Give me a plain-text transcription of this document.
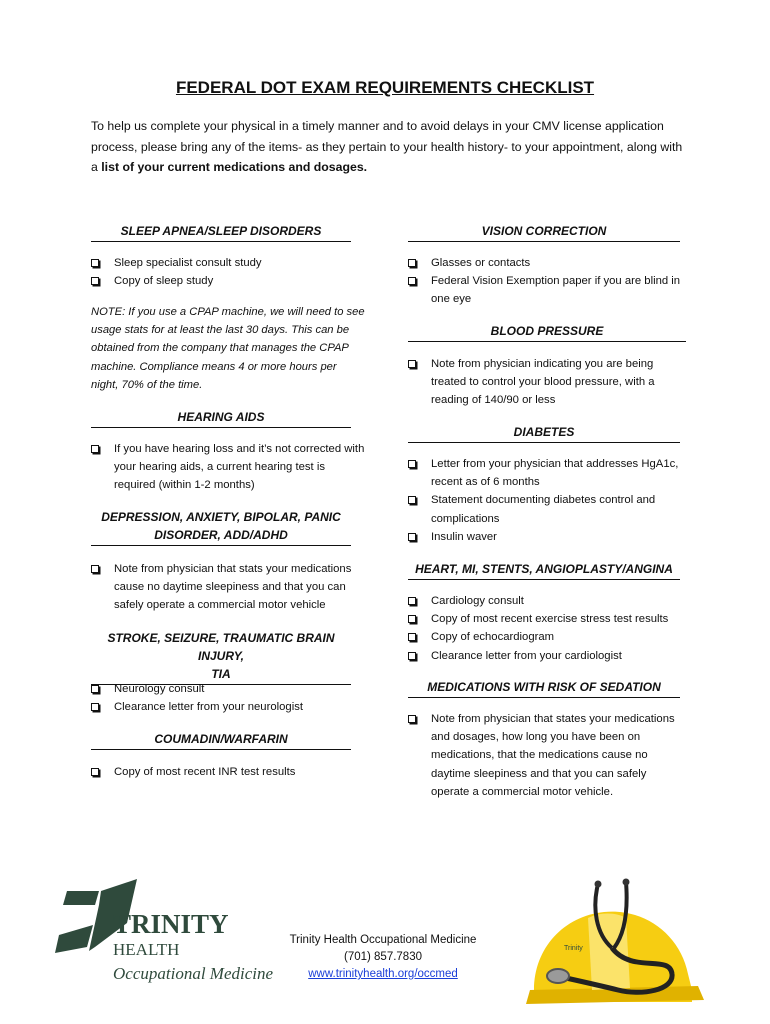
FEDERAL DOT EXAM REQUIREMENTS CHECKLIST
To help us complete your physical in a timely manner and to avoid delays in your CMV license application process, please bring any of the items- as they pertain to your health history- to your appointment, along with a list of your current medications and dosages.
SLEEP APNEA/SLEEP DISORDERS
Sleep specialist consult study
Copy of sleep study
NOTE: If you use a CPAP machine, we will need to see usage stats for at least the last 30 days. This can be obtained from the company that manages the CPAP machine. Compliance means 4 or more hours per night, 70% of the time.
HEARING AIDS
If you have hearing loss and it’s not corrected with your hearing aids, a current hearing test is required (within 1-2 months)
DEPRESSION, ANXIETY, BIPOLAR, PANIC
DISORDER, ADD/ADHD
Note from physician that stats your medications cause no daytime sleepiness and that you can safely operate a commercial motor vehicle
STROKE, SEIZURE, TRAUMATIC BRAIN INJURY,
TIA
Neurology consult
Clearance letter from your neurologist
COUMADIN/WARFARIN
Copy of most recent INR test results
VISION CORRECTION
Glasses or contacts
Federal Vision Exemption paper if you are blind in one eye
BLOOD PRESSURE
Note from physician indicating you are being treated to control your blood pressure, with a reading of 140/90 or less
DIABETES
Letter from your physician that addresses HgA1c, recent as of 6 months
Statement documenting diabetes control and complications
Insulin waver
HEART, MI, STENTS, ANGIOPLASTY/ANGINA
Cardiology consult
Copy of most recent exercise stress test results
Copy of echocardiogram
Clearance letter from your cardiologist
MEDICATIONS WITH RISK OF SEDATION
Note from physician that states your medications and dosages, how long you have been on medications, that the medications cause no daytime sleepiness and that you can safely operate a commercial motor vehicle.
TRINITY
HEALTH
Occupational Medicine
Trinity Health Occupational Medicine
(701) 857.7830
www.trinityhealth.org/occmed
Trinity
